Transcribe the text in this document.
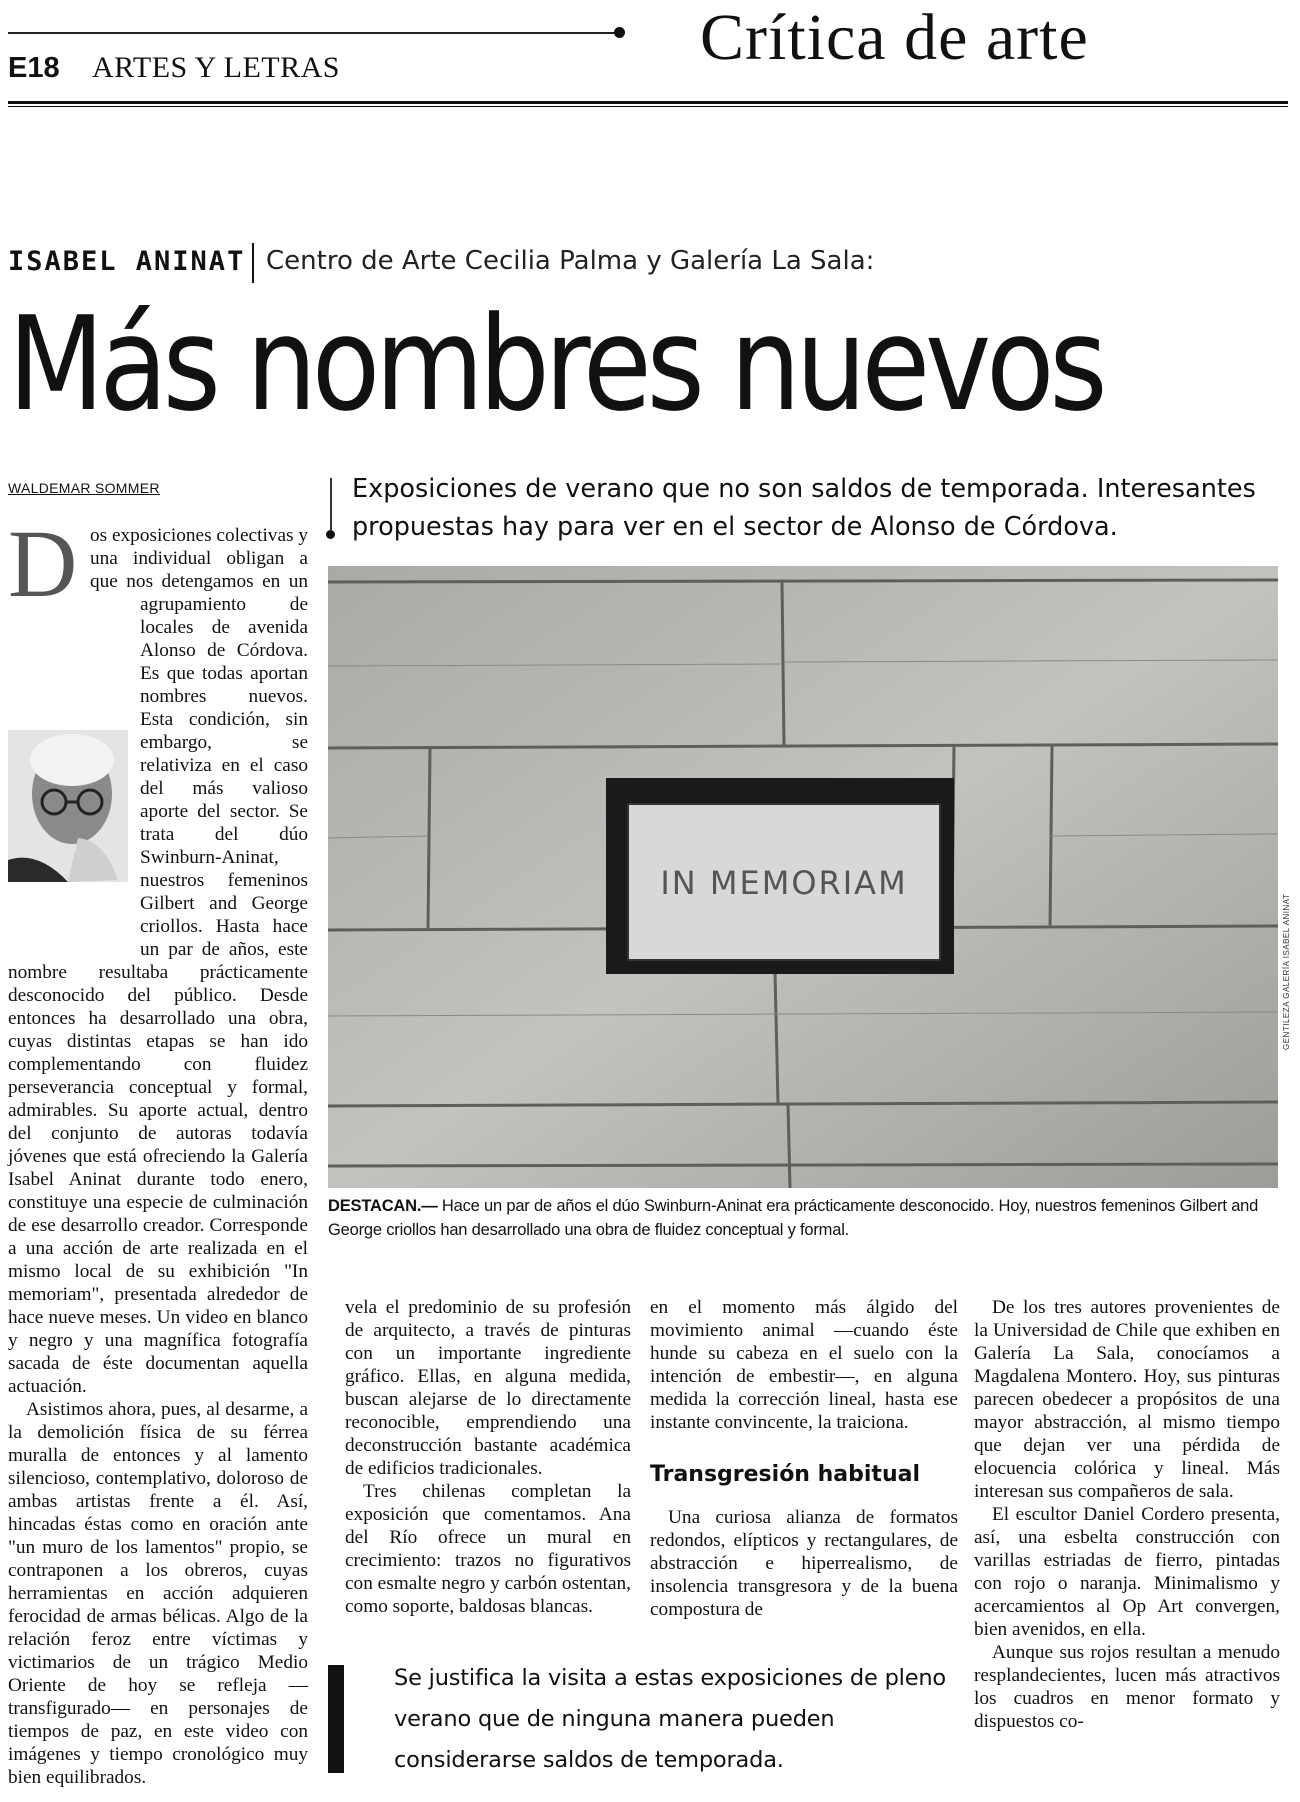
Crítica de arte
E18 ARTES Y LETRAS
ISABEL ANINAT Centro de Arte Cecilia Palma y Galería La Sala:
Más nombres nuevos
WALDEMAR SOMMER	Exposiciones de verano que no son saldos de temporada. Interesantes propuestas hay para ver en el sector de Alonso de Córdova.
IN MEMORIAM
GENTILEZA GALERÍA ISABEL ANINAT
DESTACAN.— Hace un par de años el dúo Swinburn-Aninat era prácticamente desconocido. Hoy, nuestros femeninos Gilbert and George criollos han desarrollado una obra de fluidez conceptual y formal.
D os exposiciones colectivas y una individual obligan a que nos detengamos en un agrupamiento de locales de avenida Alonso de Córdova. Es que todas aportan nombres nuevos. Esta condición, sin embargo, se relativiza en el caso del más valioso aporte del sector. Se trata del dúo Swinburn-Aninat, nuestros femeninos Gilbert and George criollos. Hasta hace un par de años, este nombre resultaba prácticamente desconocido del público. Desde entonces ha desarrollado una obra, cuyas distintas etapas se han ido complementando con fluidez perseverancia conceptual y formal, admirables. Su aporte actual, dentro del conjunto de autoras todavía jóvenes que está ofreciendo la Galería Isabel Aninat durante todo enero, constituye una especie de culminación de ese desarrollo creador. Corresponde a una acción de arte realizada en el mismo local de su exhibición "In memoriam", presentada alrededor de hace nueve meses. Un video en blanco y negro y una magnífica fotografía sacada de éste documentan aquella actuación.

Asistimos ahora, pues, al desarme, a la demolición física de su férrea muralla de entonces y al lamento silencioso, contemplativo, doloroso de ambas artistas frente a él. Así, hincadas éstas como en oración ante "un muro de los lamentos" propio, se contraponen a los obreros, cuyas herramientas en acción adquieren ferocidad de armas bélicas. Algo de la relación feroz entre víctimas y victimarios de un trágico Medio Oriente de hoy se refleja —transfigurado— en personajes de tiempos de paz, en este video con imágenes y tiempo cronológico muy bien equilibrados.

vela el predominio de su profesión de arquitecto, a través de pinturas con un importante ingrediente gráfico. Ellas, en alguna medida, buscan alejarse de lo directamente reconocible, emprendiendo una deconstrucción bastante académica de edificios tradicionales.

Tres chilenas completan la exposición que comentamos. Ana del Río ofrece un mural en crecimiento: trazos no figurativos con esmalte negro y carbón ostentan, como soporte, baldosas blancas.

en el momento más álgido del movimiento animal —cuando éste hunde su cabeza en el suelo con la intención de embestir—, en alguna medida la corrección lineal, hasta ese instante convincente, la traiciona.

Transgresión habitual

Una curiosa alianza de formatos redondos, elípticos y rectangulares, de abstracción e hiperrealismo, de insolencia transgresora y de la buena compostura de

De los tres autores provenientes de la Universidad de Chile que exhiben en Galería La Sala, conocíamos a Magdalena Montero. Hoy, sus pinturas parecen obedecer a propósitos de una mayor abstracción, al mismo tiempo que dejan ver una pérdida de elocuencia colórica y lineal. Más interesan sus compañeros de sala.

El escultor Daniel Cordero presenta, así, una esbelta construcción con varillas estriadas de fierro, pintadas con rojo o naranja. Minimalismo y acercamientos al Op Art convergen, bien avenidos, en ella.

Aunque sus rojos resultan a menudo resplandecientes, lucen más atractivos los cuadros en menor formato y dispuestos co-

Se justifica la visita a estas exposiciones de pleno verano que de ninguna manera pueden considerarse saldos de temporada.
